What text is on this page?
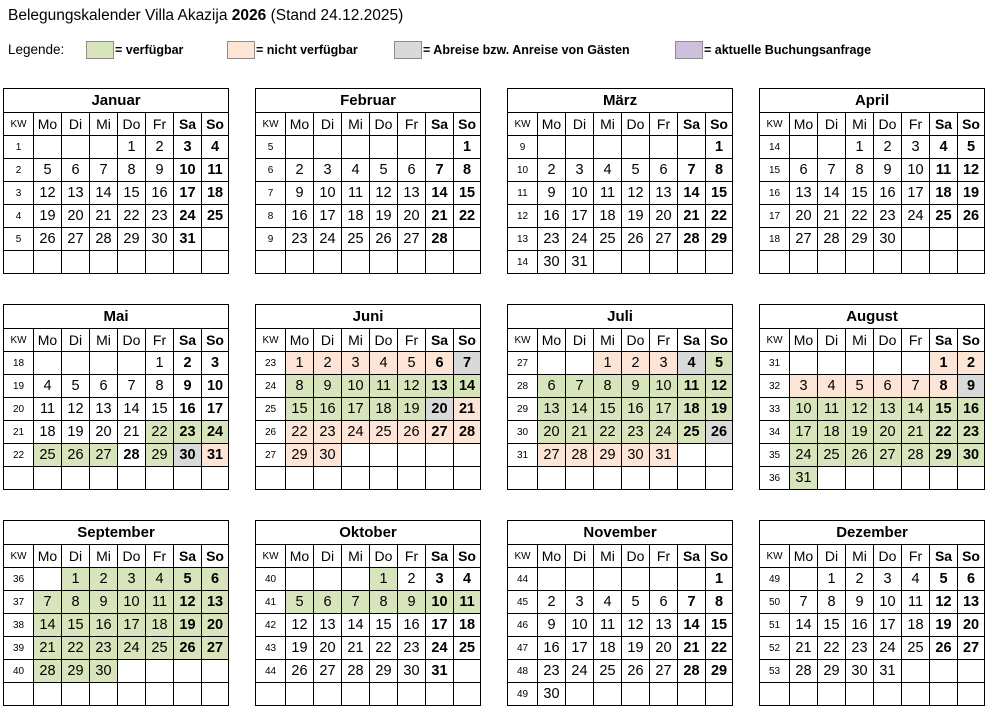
Belegungskalender Villa Akazija 2026 (Stand 24.12.2025)
Legende:	= verfügbar	= nicht verfügbar	= Abreise bzw. Anreise von Gästen	= aktuelle Buchungsanfrage
Januar							
KW	Mo	Di	Mi	Do	Fr	Sa	So
1				1	2	3	4
2	5	6	7	8	9	10	11
3	12	13	14	15	16	17	18
4	19	20	21	22	23	24	25
5	26	27	28	29	30	31	

Februar							
KW	Mo	Di	Mi	Do	Fr	Sa	So
5							1
6	2	3	4	5	6	7	8
7	9	10	11	12	13	14	15
8	16	17	18	19	20	21	22
9	23	24	25	26	27	28	

März							
KW	Mo	Di	Mi	Do	Fr	Sa	So
9							1
10	2	3	4	5	6	7	8
11	9	10	11	12	13	14	15
12	16	17	18	19	20	21	22
13	23	24	25	26	27	28	29
14	30	31					
April							
KW	Mo	Di	Mi	Do	Fr	Sa	So
14			1	2	3	4	5
15	6	7	8	9	10	11	12
16	13	14	15	16	17	18	19
17	20	21	22	23	24	25	26
18	27	28	29	30			

Mai							
KW	Mo	Di	Mi	Do	Fr	Sa	So
18					1	2	3
19	4	5	6	7	8	9	10
20	11	12	13	14	15	16	17
21	18	19	20	21	22	23	24
22	25	26	27	28	29	30	31

Juni							
KW	Mo	Di	Mi	Do	Fr	Sa	So
23	1	2	3	4	5	6	7
24	8	9	10	11	12	13	14
25	15	16	17	18	19	20	21
26	22	23	24	25	26	27	28
27	29	30					

Juli							
KW	Mo	Di	Mi	Do	Fr	Sa	So
27			1	2	3	4	5
28	6	7	8	9	10	11	12
29	13	14	15	16	17	18	19
30	20	21	22	23	24	25	26
31	27	28	29	30	31		

August							
KW	Mo	Di	Mi	Do	Fr	Sa	So
31						1	2
32	3	4	5	6	7	8	9
33	10	11	12	13	14	15	16
34	17	18	19	20	21	22	23
35	24	25	26	27	28	29	30
36	31						
September							
KW	Mo	Di	Mi	Do	Fr	Sa	So
36		1	2	3	4	5	6
37	7	8	9	10	11	12	13
38	14	15	16	17	18	19	20
39	21	22	23	24	25	26	27
40	28	29	30				

Oktober							
KW	Mo	Di	Mi	Do	Fr	Sa	So
40				1	2	3	4
41	5	6	7	8	9	10	11
42	12	13	14	15	16	17	18
43	19	20	21	22	23	24	25
44	26	27	28	29	30	31	

November							
KW	Mo	Di	Mi	Do	Fr	Sa	So
44							1
45	2	3	4	5	6	7	8
46	9	10	11	12	13	14	15
47	16	17	18	19	20	21	22
48	23	24	25	26	27	28	29
49	30						
Dezember							
KW	Mo	Di	Mi	Do	Fr	Sa	So
49		1	2	3	4	5	6
50	7	8	9	10	11	12	13
51	14	15	16	17	18	19	20
52	21	22	23	24	25	26	27
53	28	29	30	31			
